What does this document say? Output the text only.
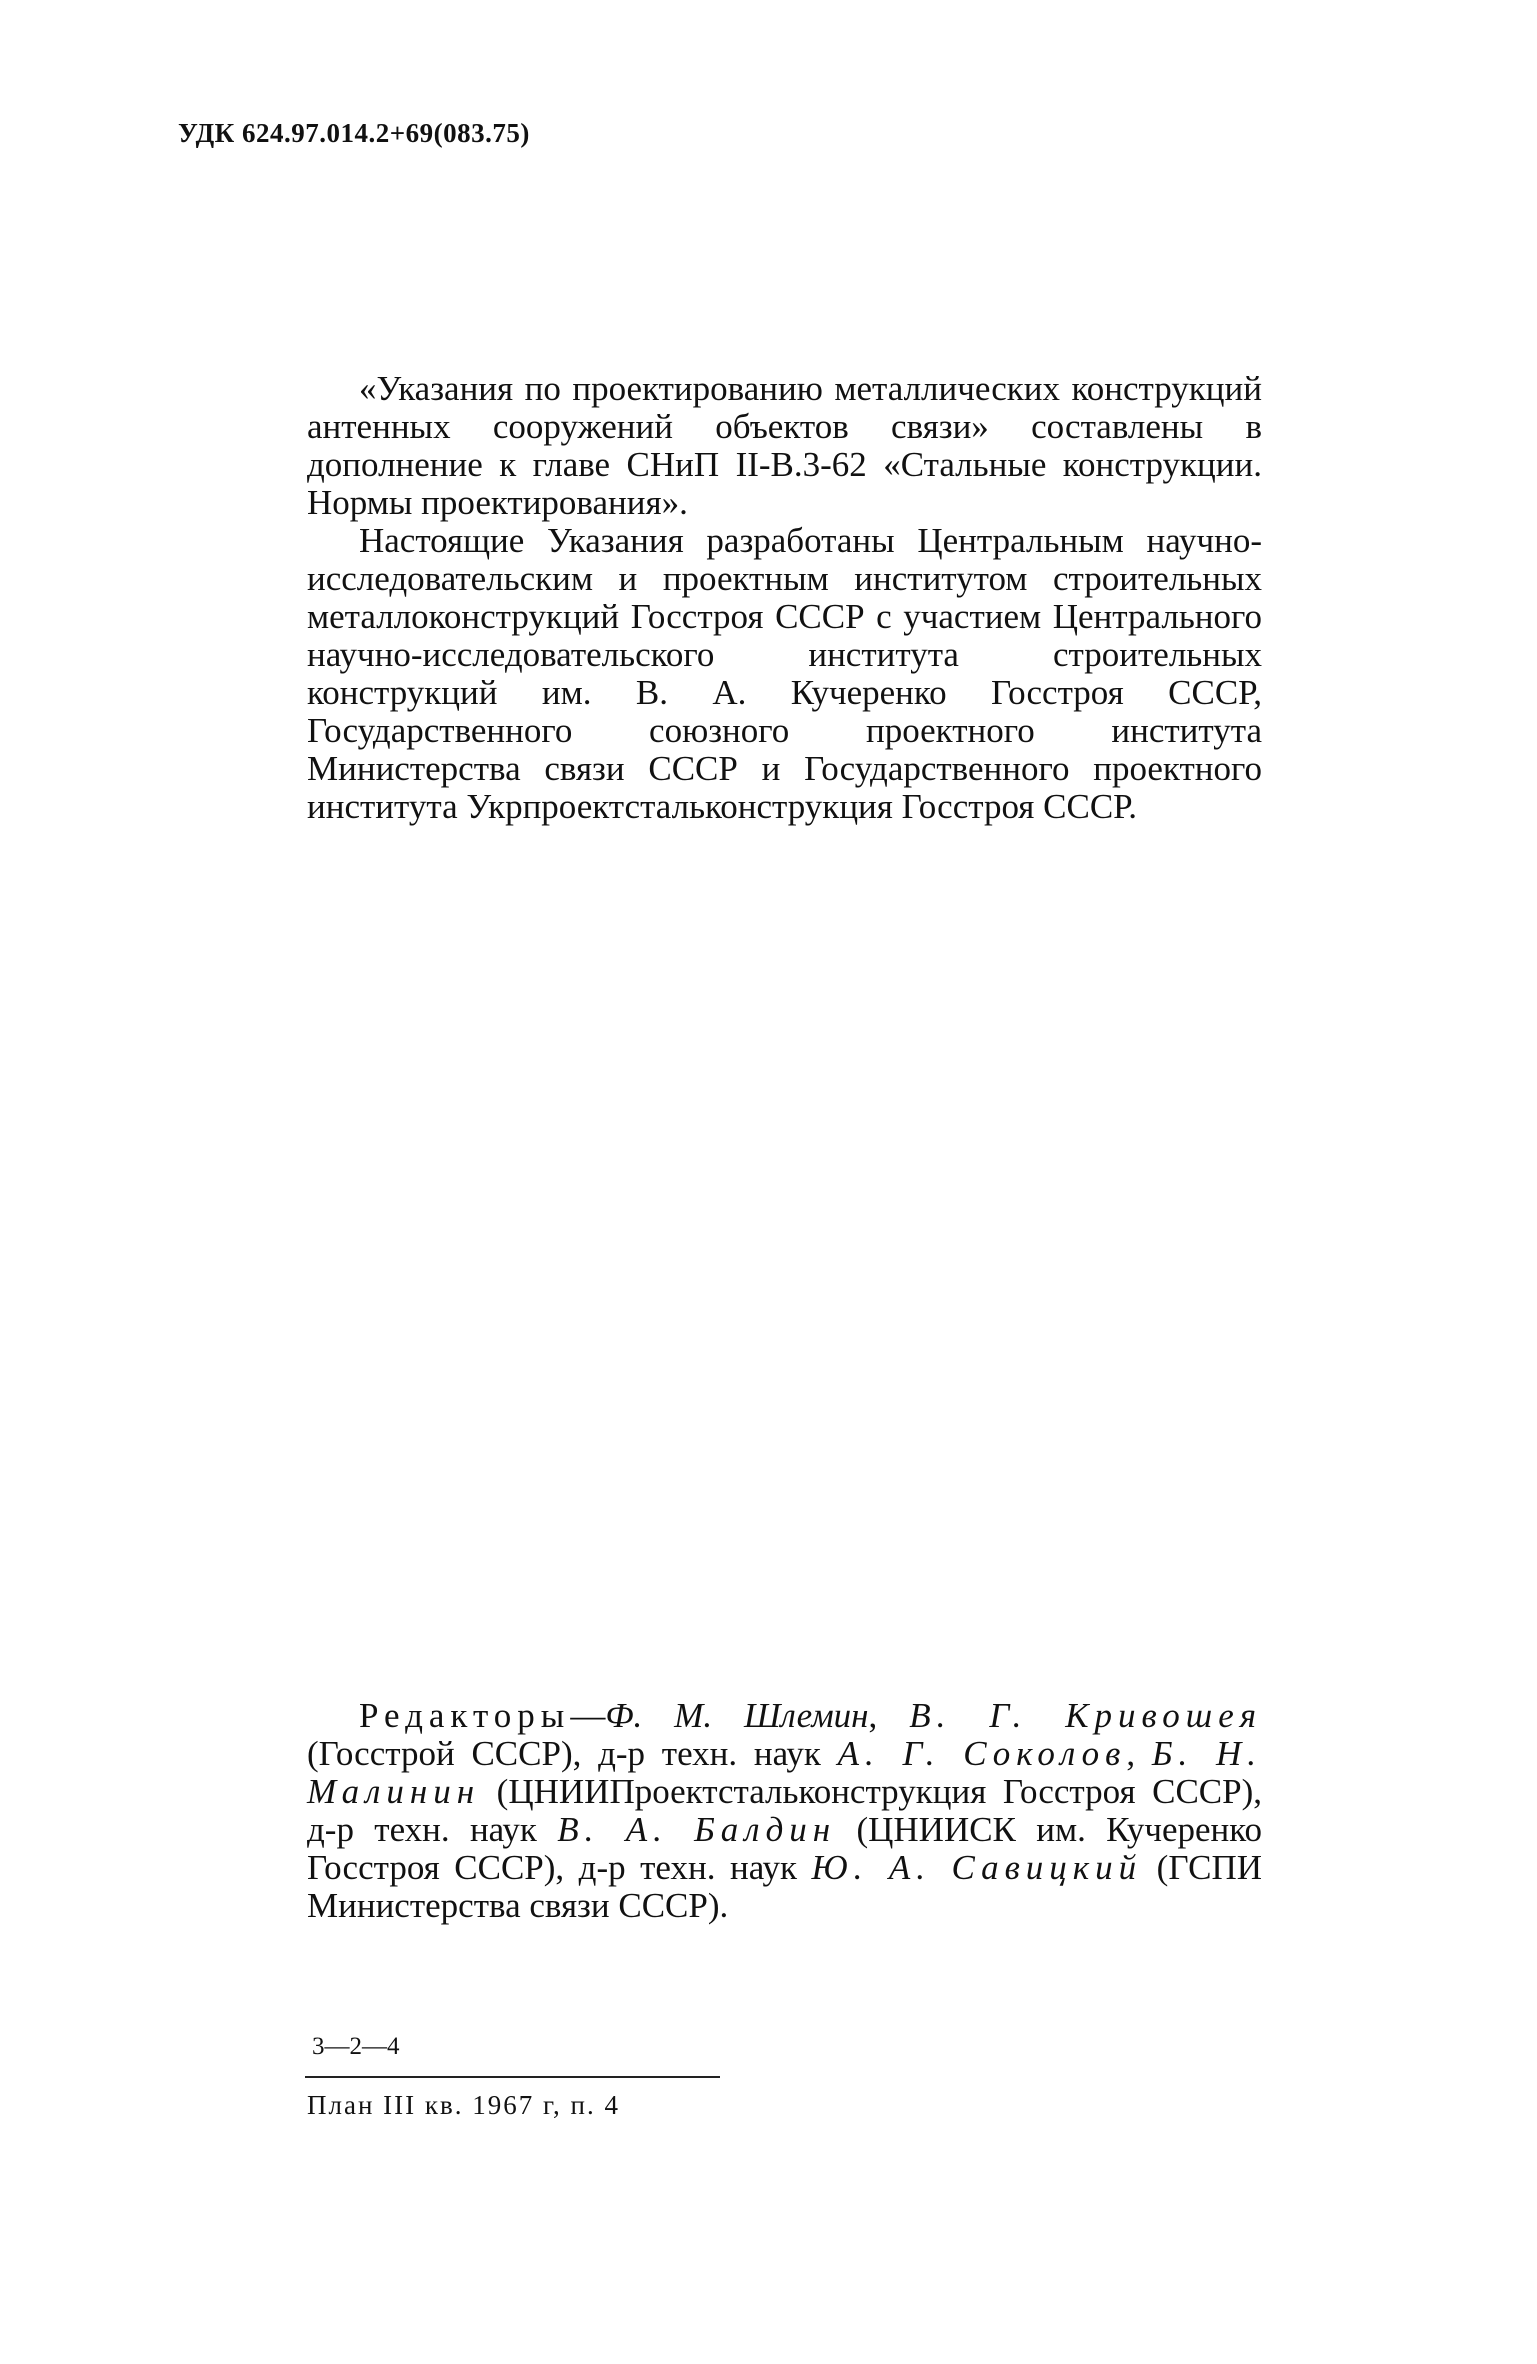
УДК 624.97.014.2+69(083.75)

«Указания по проектированию металлических конструкций антенных сооружений объектов связи» составлены в дополнение к главе СНиП II-В.3-62 «Стальные конструкции. Нормы проектирования».

Настоящие Указания разработаны Центральным научно-исследовательским и проектным институтом строительных металлоконструкций Госстроя СССР с участием Центрального научно-исследовательского института строительных конструкций им. В. А. Кучеренко Госстроя СССР, Государственного союзного проектного института Министерства связи СССР и Государственного проектного института Укрпроектстальконструкция Госстроя СССР.

Редакторы—Ф. М. Шлемин, В. Г. Кривошея (Госстрой СССР), д-р техн. наук А. Г. Соколов, Б. Н. Малинин (ЦНИИПроектстальконструкция Госстроя СССР), д-р техн. наук В. А. Балдин (ЦНИИСК им. Кучеренко Госстроя СССР), д-р техн. наук Ю. А. Савицкий (ГСПИ Министерства связи СССР).
3—2—4
План III кв. 1967 г, п. 4
